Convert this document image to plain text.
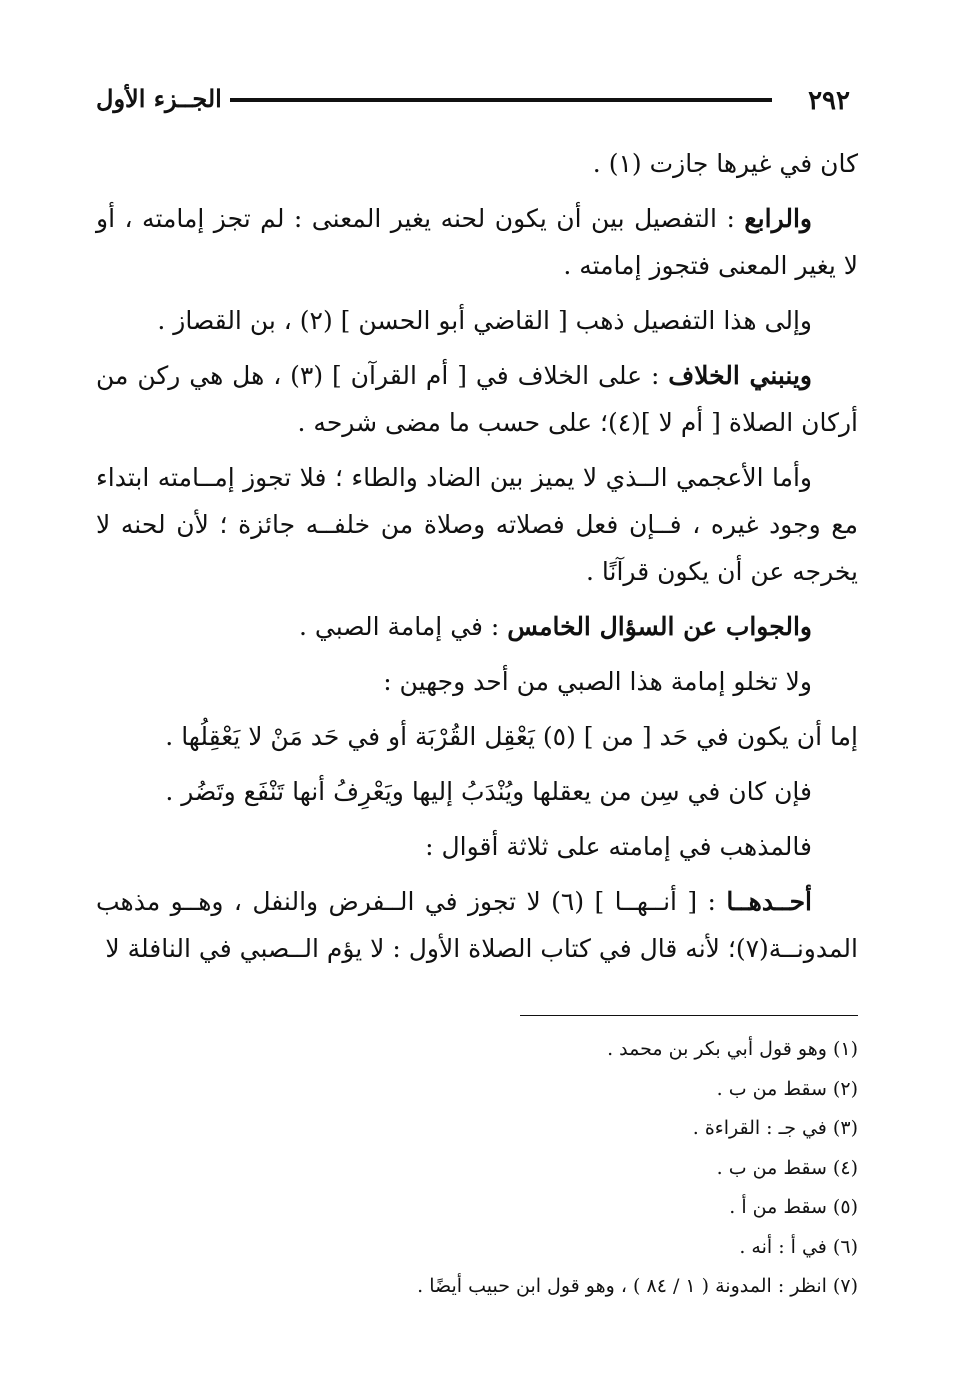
٢٩٢
الجــزء الأول

كان في غيرها جازت (١) .

والرابع : التفصيل بين أن يكون لحنه يغير المعنى : لم تجز إمامته ، أو لا يغير المعنى فتجوز إمامته .

وإلى هذا التفصيل ذهب [ القاضي أبو الحسن ] (٢) ، بن القصاز .

وينبني الخلاف : على الخلاف في [ أم القرآن ] (٣) ، هل هي ركن من أركان الصلاة [ أم لا ](٤)؛ على حسب ما مضى شرحه .

وأما الأعجمي الــذي لا يميز بين الضاد والطاء ؛ فلا تجوز إمــامته ابتداء مع وجود غيره ، فــإن فعل فصلاته وصلاة من خلفــه جائزة ؛ لأن لحنه لا يخرجه عن أن يكون قرآنًا .

والجواب عن السؤال الخامس : في إمامة الصبي .

ولا تخلو إمامة هذا الصبي من أحد وجهين :

إما أن يكون في حَد [ من ] (٥) يَعْقِل القُرْبَة أو في حَد مَنْ لا يَعْقِلُها .

فإن كان في سِن من يعقلها ويُنْدَبُ إليها ويَعْرِفُ أنها تَنْفَع وتَضُر .

فالمذهب في إمامته على ثلاثة أقوال :

أحــدهــا : [ أنــهــا ] (٦) لا تجوز في الــفرض والنفل ، وهــو مذهب المدونــة(٧)؛ لأنه قال في كتاب الصلاة الأول : لا يؤم الــصبي في النافلة لا

(١) وهو قول أبي بكر بن محمد .

(٢) سقط من ب .

(٣) في جـ : القراءة .

(٤) سقط من ب .

(٥) سقط من أ .

(٦) في أ : أنه .

(٧) انظر : المدونة ( ١ / ٨٤ ) ، وهو قول ابن حبيب أيضًا .
